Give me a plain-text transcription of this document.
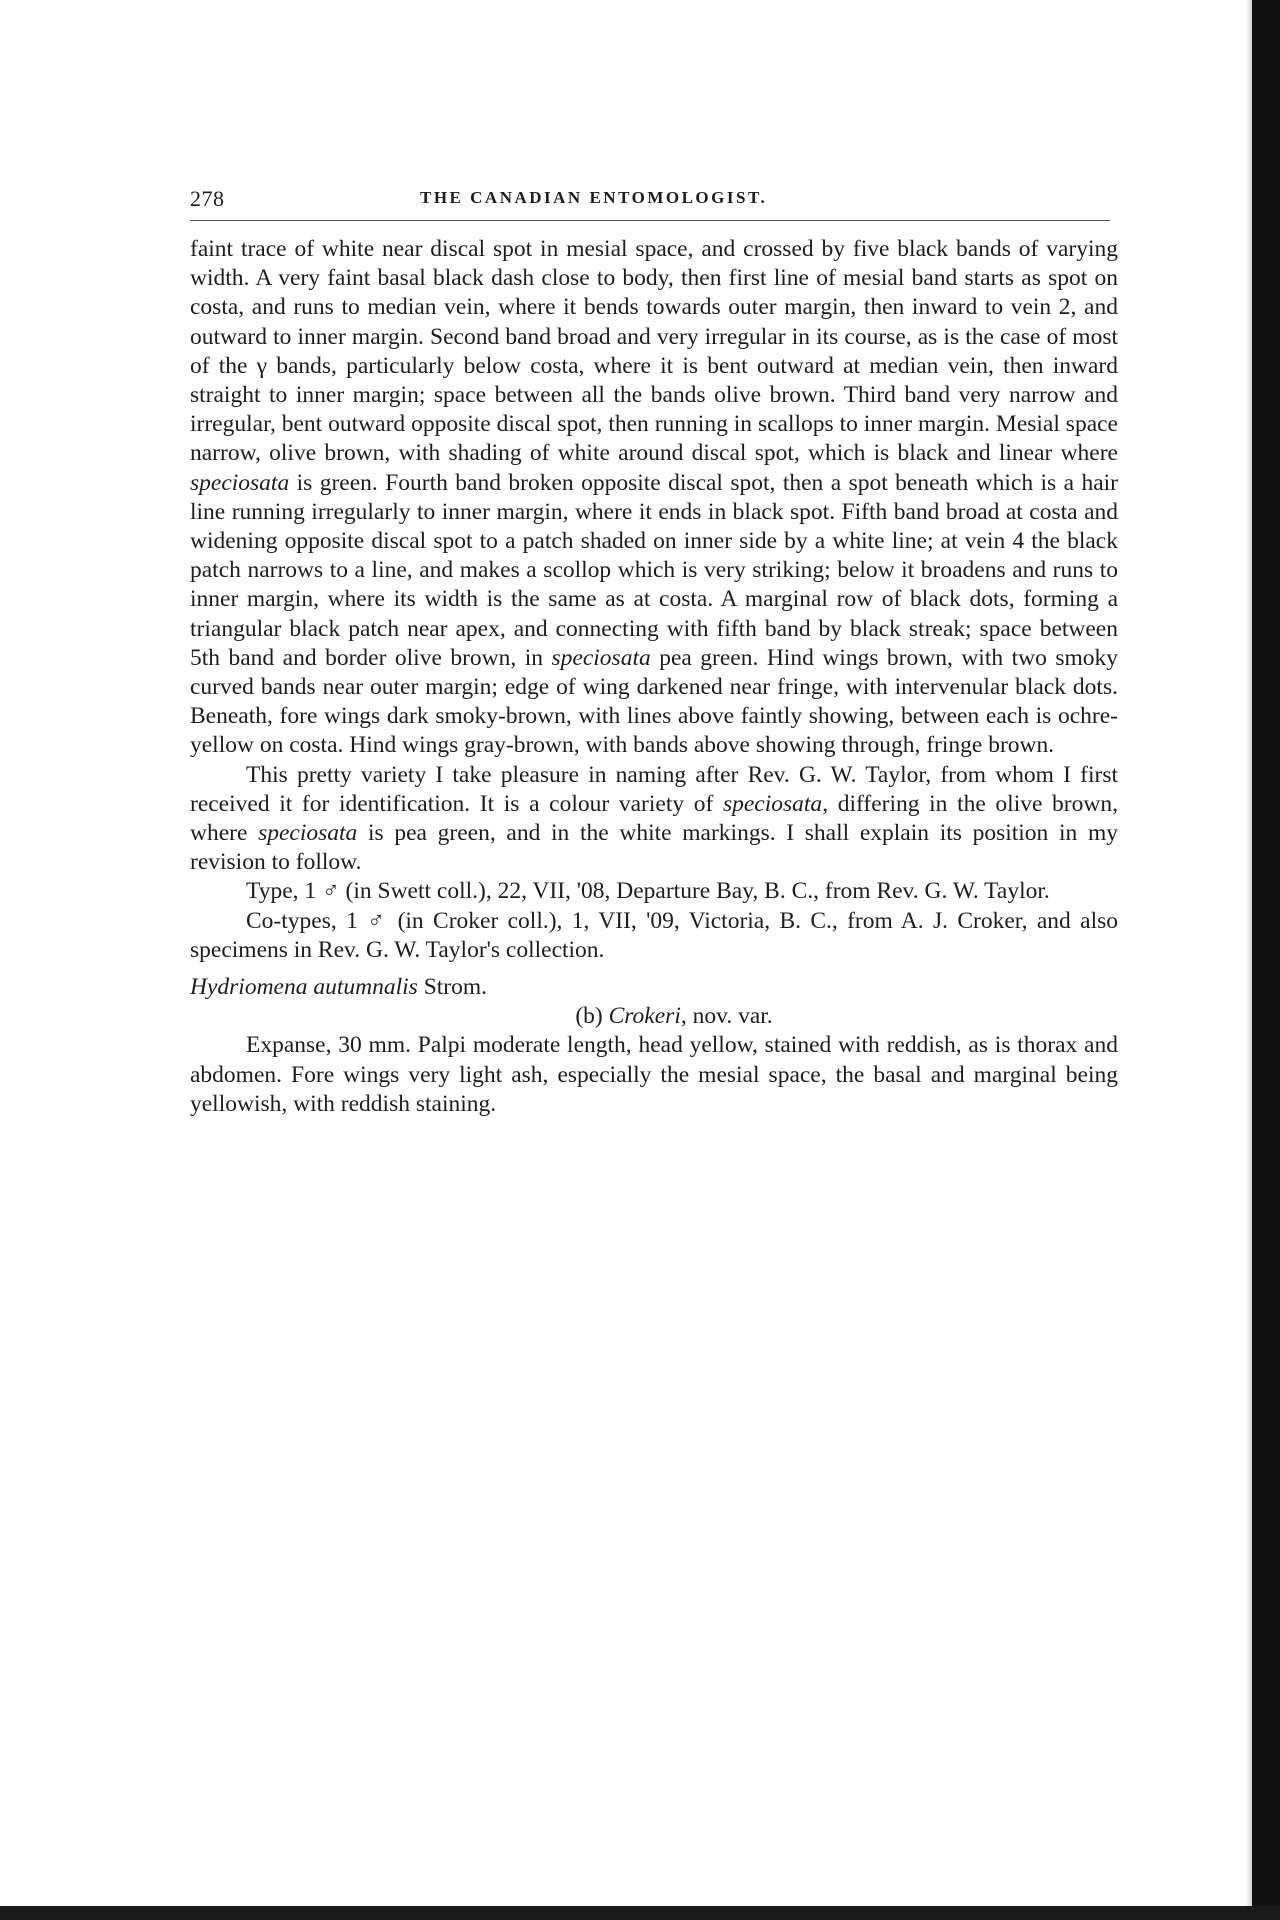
278	THE CANADIAN ENTOMOLOGIST.

faint trace of white near discal spot in mesial space, and crossed by five black bands of varying width. A very faint basal black dash close to body, then first line of mesial band starts as spot on costa, and runs to median vein, where it bends towards outer margin, then inward to vein 2, and outward to inner margin. Second band broad and very irregular in its course, as is the case of most of the γ bands, particularly below costa, where it is bent outward at median vein, then inward straight to inner margin; space between all the bands olive brown. Third band very narrow and irregular, bent outward opposite discal spot, then running in scallops to inner margin. Mesial space narrow, olive brown, with shading of white around discal spot, which is black and linear where speciosata is green. Fourth band broken opposite discal spot, then a spot beneath which is a hair line running irregularly to inner margin, where it ends in black spot. Fifth band broad at costa and widening opposite discal spot to a patch shaded on inner side by a white line; at vein 4 the black patch narrows to a line, and makes a scollop which is very striking; below it broadens and runs to inner margin, where its width is the same as at costa. A marginal row of black dots, forming a triangular black patch near apex, and connecting with fifth band by black streak; space between 5th band and border olive brown, in speciosata pea green. Hind wings brown, with two smoky curved bands near outer margin; edge of wing darkened near fringe, with intervenular black dots. Beneath, fore wings dark smoky-brown, with lines above faintly showing, between each is ochre-yellow on costa. Hind wings gray-brown, with bands above showing through, fringe brown.

This pretty variety I take pleasure in naming after Rev. G. W. Taylor, from whom I first received it for identification. It is a colour variety of speciosata, differing in the olive brown, where speciosata is pea green, and in the white markings. I shall explain its position in my revision to follow.

Type, 1 ♂ (in Swett coll.), 22, VII, '08, Departure Bay, B. C., from Rev. G. W. Taylor.

Co-types, 1 ♂ (in Croker coll.), 1, VII, '09, Victoria, B. C., from A. J. Croker, and also specimens in Rev. G. W. Taylor's collection.

Hydriomena autumnalis Strom.

(b) Crokeri, nov. var.

Expanse, 30 mm. Palpi moderate length, head yellow, stained with reddish, as is thorax and abdomen. Fore wings very light ash, especially the mesial space, the basal and marginal being yellowish, with reddish staining.
